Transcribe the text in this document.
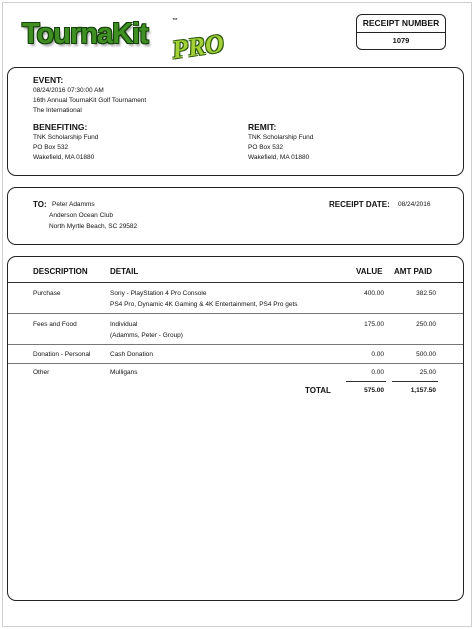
TournaKit	™
PRO
RECEIPT NUMBER
1079
EVENT:
08/24/2016 07:30:00 AM
16th Annual TournaKit Golf Tournament
The International
BENEFITING:
TNK Scholarship Fund
PO Box 532
Wakefield, MA 01880
REMIT:
TNK Scholarship Fund
PO Box 532
Wakefield, MA 01880
TO: Peter Adamms
Anderson Ocean Club
North Myrtle Beach, SC 29582
RECEIPT DATE: 08/24/2016
DESCRIPTION	DETAIL	VALUE AMT PAID
Purchase	Sony - PlayStation 4 Pro Console
PS4 Pro, Dynamic 4K Gaming & 4K Entertainment, PS4 Pro gets
400.00	382.50
Fees and Food	Individual
(Adamms, Peter - Group)
175.00	250.00
Donation - Personal	Cash Donation	0.00	500.00
Other	Mulligans	0.00	25.00
TOTAL	575.00	1,157.50
